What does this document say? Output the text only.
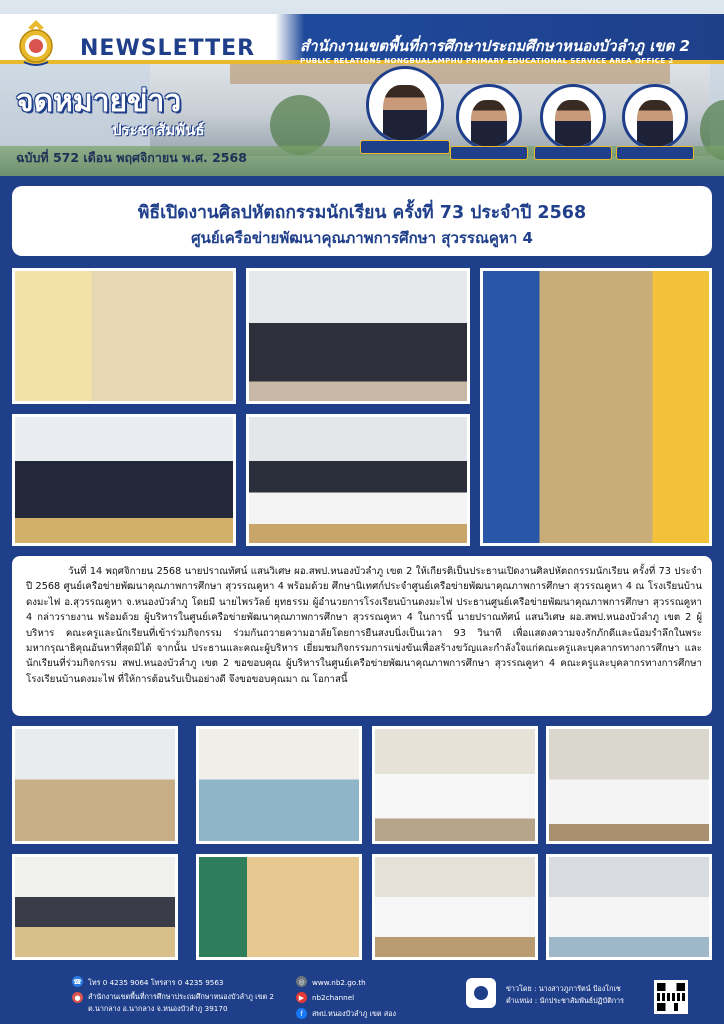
NEWSLETTER	สำนักงานเขตพื้นที่การศึกษาประถมศึกษาหนองบัวลำภู เขต 2
PUBLIC RELATIONS NONGBUALAMPHU PRIMARY EDUCATIONAL SERVICE AREA OFFICE 2
จดหมายข่าว
ประชาสัมพันธ์
ฉบับที่ 572 เดือน พฤศจิกายน พ.ศ. 2568
พิธีเปิดงานศิลปหัตถกรรมนักเรียน ครั้งที่ 73 ประจำปี 2568
ศูนย์เครือข่ายพัฒนาคุณภาพการศึกษา สุวรรณคูหา 4

วันที่ 14 พฤศจิกายน 2568 นายปราณทัศน์ แสนวิเศษ ผอ.สพป.หนองบัวลำภู เขต 2 ให้เกียรติเป็นประธานเปิดงานศิลปหัตถกรรมนักเรียน ครั้งที่ 73 ประจำปี 2568 ศูนย์เครือข่ายพัฒนาคุณภาพการศึกษา สุวรรณคูหา 4 พร้อมด้วย ศึกษานิเทศก์ประจำศูนย์เครือข่ายพัฒนาคุณภาพการศึกษา สุวรรณคูหา 4 ณ โรงเรียนบ้านดงมะไฟ อ.สุวรรณคูหา จ.หนองบัวลำภู โดยมี นายไพรวัลย์ ยุทธรรม ผู้อำนวยการโรงเรียนบ้านดงมะไฟ ประธานศูนย์เครือข่ายพัฒนาคุณภาพการศึกษา สุวรรณคูหา 4 กล่าวรายงาน พร้อมด้วย ผู้บริหารในศูนย์เครือข่ายพัฒนาคุณภาพการศึกษา สุวรรณคูหา 4 ในการนี้ นายปราณทัศน์ แสนวิเศษ ผอ.สพป.หนองบัวลำภู เขต 2 ผู้บริหาร คณะครูและนักเรียนที่เข้าร่วมกิจกรรม ร่วมกันถวายความอาลัยโดยการยืนสงบนิ่งเป็นเวลา 93 วินาที เพื่อแสดงความจงรักภักดีและน้อมรำลึกในพระมหากรุณาธิคุณอันหาที่สุดมิได้ จากนั้น ประธานและคณะผู้บริหาร เยี่ยมชมกิจกรรมการแข่งขันเพื่อสร้างขวัญและกำลังใจแก่คณะครูและบุคลากรทางการศึกษา และนักเรียนที่ร่วมกิจกรรม สพป.หนองบัวลำภู เขต 2 ขอขอบคุณ ผู้บริหารในศูนย์เครือข่ายพัฒนาคุณภาพการศึกษา สุวรรณคูหา 4 คณะครูและบุคลากรทางการศึกษา โรงเรียนบ้านดงมะไฟ ที่ให้การต้อนรับเป็นอย่างดี จึงขอขอบคุณมา ณ โอกาสนี้

☎ โทร 0 4235 9064 โทรสาร 0 4235 9563
●	สำนักงานเขตพื้นที่การศึกษาประถมศึกษาหนองบัวลำภู เขต 2
ต.นากลาง อ.นากลาง จ.หนองบัวลำภู 39170
◎	www.nb2.go.th
▶	nb2channel
f	สพป.หนองบัวลำภู เขต สอง
ข่าวโดย : นางสาวภูภารัตน์ ป้องโกเช
ตำแหน่ง : นักประชาสัมพันธ์ปฏิบัติการ
